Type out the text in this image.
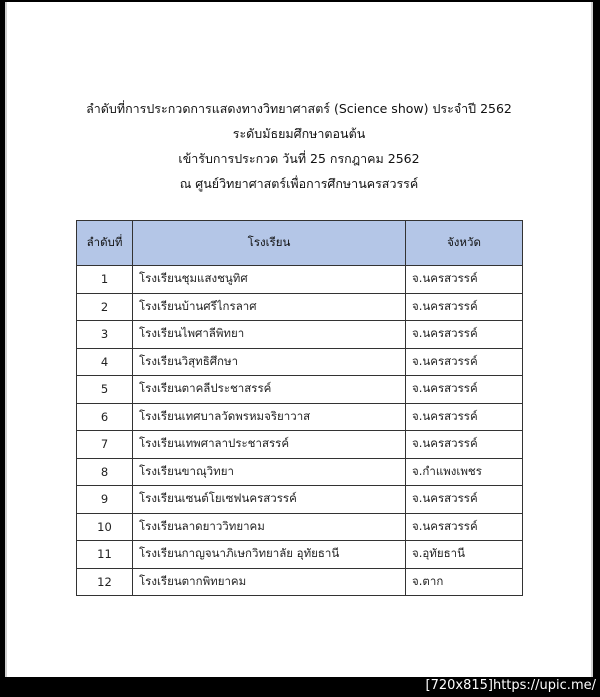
ลำดับที่การประกวดการแสดงทางวิทยาศาสตร์ (Science show) ประจำปี 2562
ระดับมัธยมศึกษาตอนต้น
เข้ารับการประกวด วันที่ 25 กรกฎาคม 2562
ณ ศูนย์วิทยาศาสตร์เพื่อการศึกษานครสวรรค์
ลำดับที่	โรงเรียน	จังหวัด
1	โรงเรียนชุมแสงชนูทิศ	จ.นครสวรรค์
2	โรงเรียนบ้านศรีไกรลาศ	จ.นครสวรรค์
3	โรงเรียนไพศาลีพิทยา	จ.นครสวรรค์
4	โรงเรียนวิสุทธิศึกษา	จ.นครสวรรค์
5	โรงเรียนตาคลีประชาสรรค์	จ.นครสวรรค์
6	โรงเรียนเทศบาลวัดพรหมจริยาวาส	จ.นครสวรรค์
7	โรงเรียนเทพศาลาประชาสรรค์	จ.นครสวรรค์
8	โรงเรียนขาณุวิทยา	จ.กำแพงเพชร
9	โรงเรียนเซนต์โยเซฟนครสวรรค์	จ.นครสวรรค์
10	โรงเรียนลาดยาววิทยาคม	จ.นครสวรรค์
11	โรงเรียนกาญจนาภิเษกวิทยาลัย อุทัยธานี	จ.อุทัยธานี
12	โรงเรียนตากพิทยาคม	จ.ตาก
[720x815]https://upic.me/
